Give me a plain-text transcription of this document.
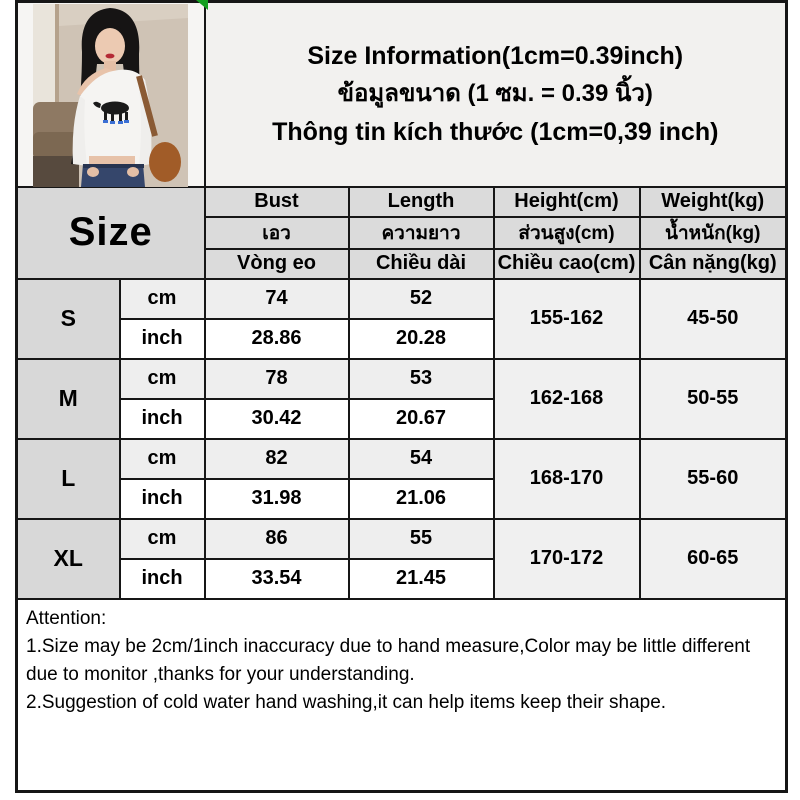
Size Information(1cm=0.39inch)
ข้อมูลขนาด (1 ซม. = 0.39 นิ้ว)
Thông tin kích thước (1cm=0,39 inch)			

Size		Bust	Length	Height(cm)	Weight(kg)
		เอว	ความยาว	ส่วนสูง(cm)	น้ำหนัก(kg)
		Vòng eo	Chiều dài	Chiều cao(cm)	Cân nặng(kg)
S	cm	74	52	155-162	45-50
	inch	28.86	20.28		
M	cm	78	53	162-168	50-55
	inch	30.42	20.67		
L	cm	82	54	168-170	55-60
	inch	31.98	21.06		
XL	cm	86	55	170-172	60-65
	inch	33.54	21.45		

Attention:

1.Size may be 2cm/1inch inaccuracy due to hand measure,Color may be little different due to monitor ,thanks for your understanding.

2.Suggestion of cold water hand washing,it can help items keep their shape.					
